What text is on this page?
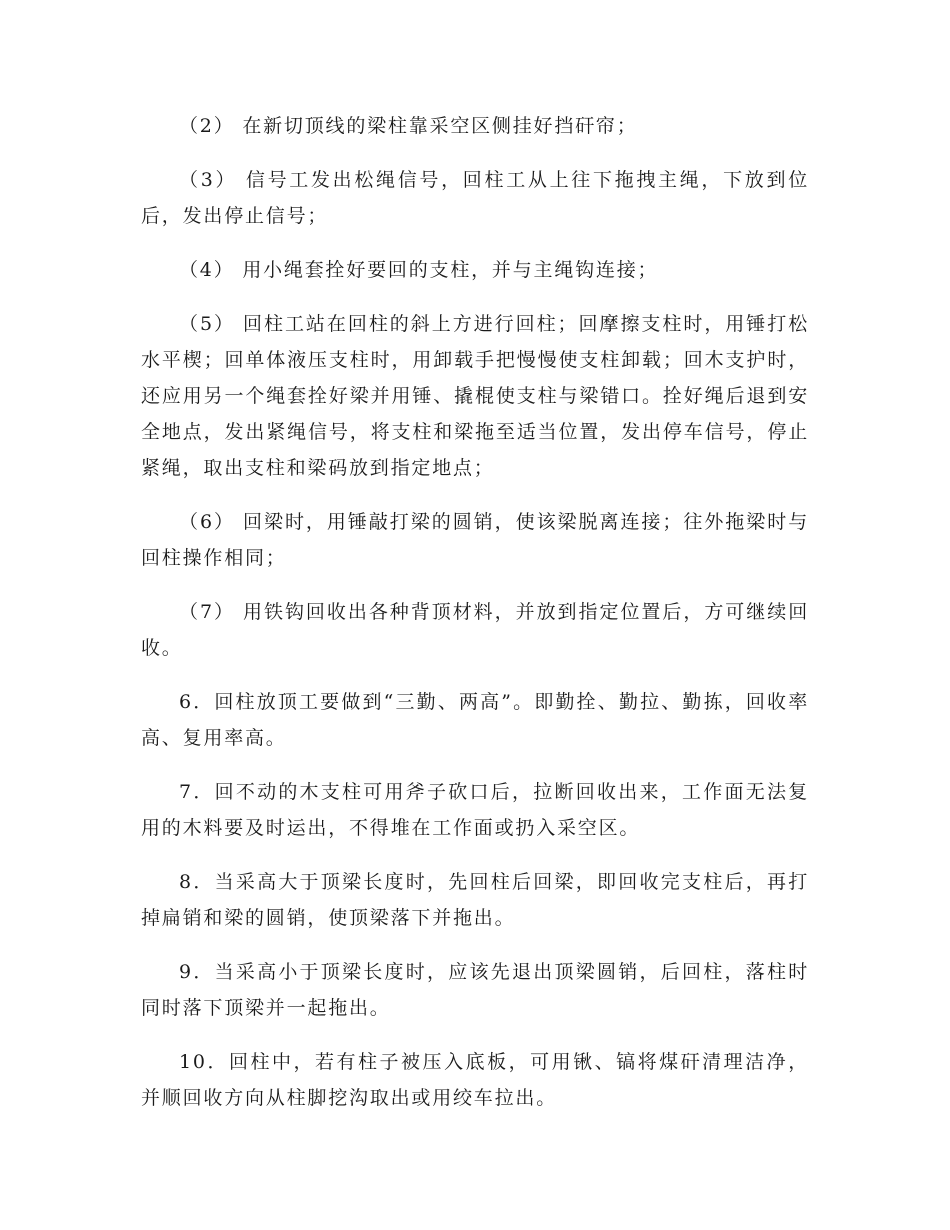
（2） 在新切顶线的梁柱靠采空区侧挂好挡矸帘；

（3） 信号工发出松绳信号，回柱工从上往下拖拽主绳，下放到位后，发出停止信号；

（4） 用小绳套拴好要回的支柱，并与主绳钩连接；

（5） 回柱工站在回柱的斜上方进行回柱；回摩擦支柱时，用锤打松水平楔；回单体液压支柱时，用卸载手把慢慢使支柱卸载；回木支护时，还应用另一个绳套拴好梁并用锤、撬棍使支柱与梁错口。拴好绳后退到安全地点，发出紧绳信号，将支柱和梁拖至适当位置，发出停车信号，停止紧绳，取出支柱和梁码放到指定地点；

（6） 回梁时，用锤敲打梁的圆销，使该梁脱离连接；往外拖梁时与回柱操作相同；

（7） 用铁钩回收出各种背顶材料，并放到指定位置后，方可继续回收。

6．回柱放顶工要做到“三勤、两高”。即勤拴、勤拉、勤拣，回收率高、复用率高。

7．回不动的木支柱可用斧子砍口后，拉断回收出来，工作面无法复用的木料要及时运出，不得堆在工作面或扔入采空区。

8．当采高大于顶梁长度时，先回柱后回梁，即回收完支柱后，再打掉扁销和梁的圆销，使顶梁落下并拖出。

9．当采高小于顶梁长度时，应该先退出顶梁圆销，后回柱，落柱时同时落下顶梁并一起拖出。

10．回柱中，若有柱子被压入底板，可用锹、镐将煤矸清理洁净，并顺回收方向从柱脚挖沟取出或用绞车拉出。
